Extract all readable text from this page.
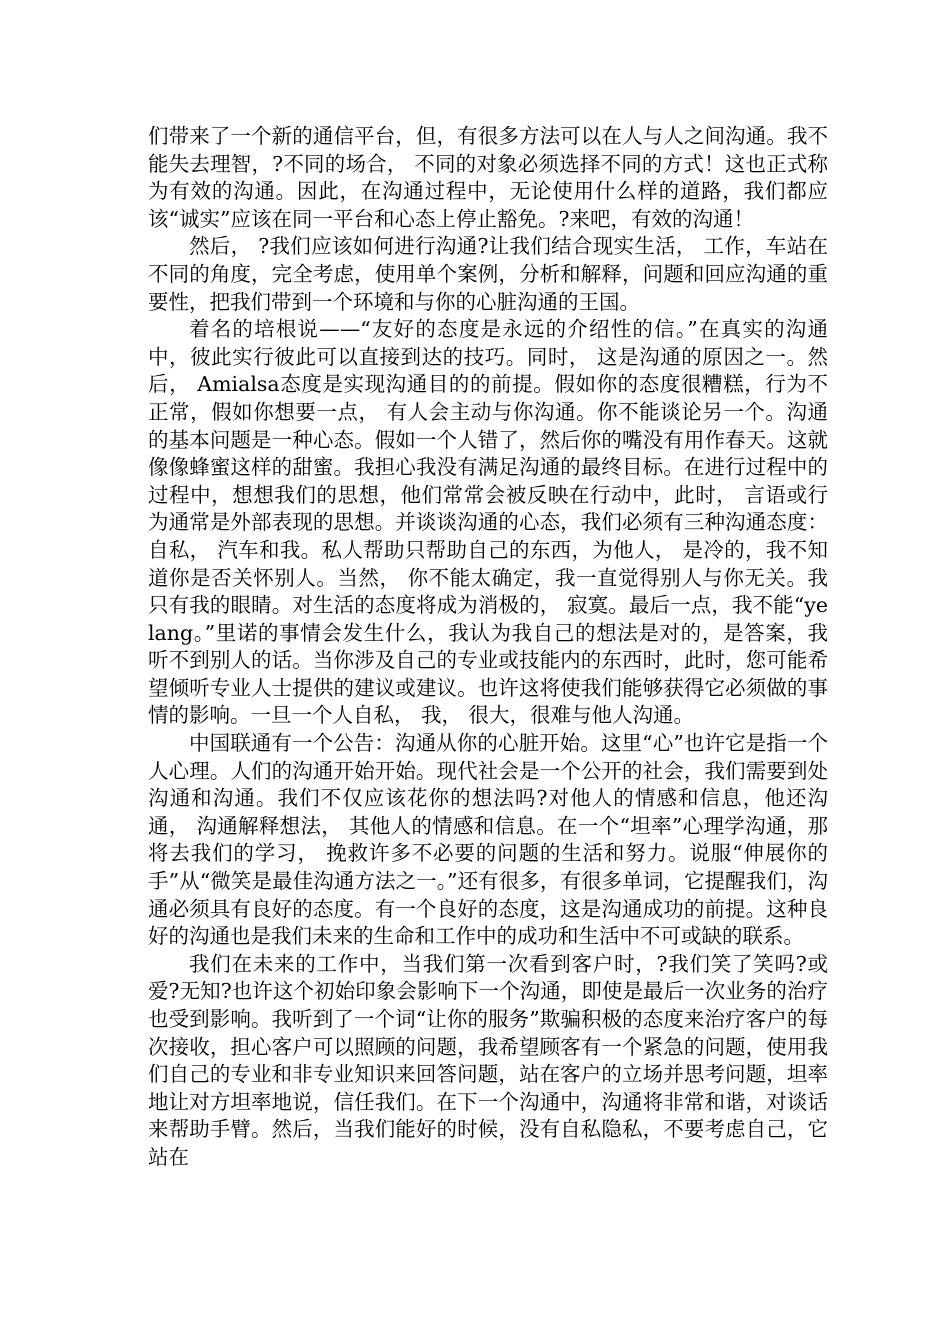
们带来了一个新的通信平台，但，有很多方法可以在人与人之间沟通。我不能失去理智，?不同的场合， 不同的对象必须选择不同的方式！这也正式称为有效的沟通。因此，在沟通过程中，无论使用什么样的道路，我们都应该“诚实”应该在同一平台和心态上停止豁免。?来吧，有效的沟通！

然后， ?我们应该如何进行沟通?让我们结合现实生活， 工作，车站在不同的角度，完全考虑，使用单个案例，分析和解释，问题和回应沟通的重要性，把我们带到一个环境和与你的心脏沟通的王国。

着名的培根说——“友好的态度是永远的介绍性的信。”在真实的沟通中，彼此实行彼此可以直接到达的技巧。同时， 这是沟通的原因之一。然后， Amialsa态度是实现沟通目的的前提。假如你的态度很糟糕，行为不正常，假如你想要一点， 有人会主动与你沟通。你不能谈论另一个。沟通的基本问题是一种心态。假如一个人错了，然后你的嘴没有用作春天。这就像像蜂蜜这样的甜蜜。我担心我没有满足沟通的最终目标。在进行过程中的过程中，想想我们的思想，他们常常会被反映在行动中，此时， 言语或行为通常是外部表现的思想。并谈谈沟通的心态，我们必须有三种沟通态度：自私， 汽车和我。私人帮助只帮助自己的东西，为他人， 是冷的，我不知道你是否关怀别人。当然， 你不能太确定，我一直觉得别人与你无关。我只有我的眼睛。对生活的态度将成为消极的， 寂寞。最后一点，我不能“yelang。”里诺的事情会发生什么，我认为我自己的想法是对的，是答案，我听不到别人的话。当你涉及自己的专业或技能内的东西时，此时，您可能希望倾听专业人士提供的建议或建议。也许这将使我们能够获得它必须做的事情的影响。一旦一个人自私， 我， 很大，很难与他人沟通。

中国联通有一个公告：沟通从你的心脏开始。这里“心”也许它是指一个人心理。人们的沟通开始开始。现代社会是一个公开的社会，我们需要到处沟通和沟通。我们不仅应该花你的想法吗?对他人的情感和信息，他还沟通， 沟通解释想法， 其他人的情感和信息。在一个“坦率”心理学沟通，那将去我们的学习， 挽救许多不必要的问题的生活和努力。说服“伸展你的手”从“微笑是最佳沟通方法之一。”还有很多，有很多单词，它提醒我们，沟通必须具有良好的态度。有一个良好的态度，这是沟通成功的前提。这种良好的沟通也是我们未来的生命和工作中的成功和生活中不可或缺的联系。

我们在未来的工作中，当我们第一次看到客户时，?我们笑了笑吗?或爱?无知?也许这个初始印象会影响下一个沟通，即使是最后一次业务的治疗也受到影响。我听到了一个词“让你的服务”欺骗积极的态度来治疗客户的每次接收，担心客户可以照顾的问题，我希望顾客有一个紧急的问题，使用我们自己的专业和非专业知识来回答问题，站在客户的立场并思考问题，坦率地让对方坦率地说，信任我们。在下一个沟通中，沟通将非常和谐，对谈话来帮助手臂。然后，当我们能好的时候，没有自私隐私，不要考虑自己，它站在
